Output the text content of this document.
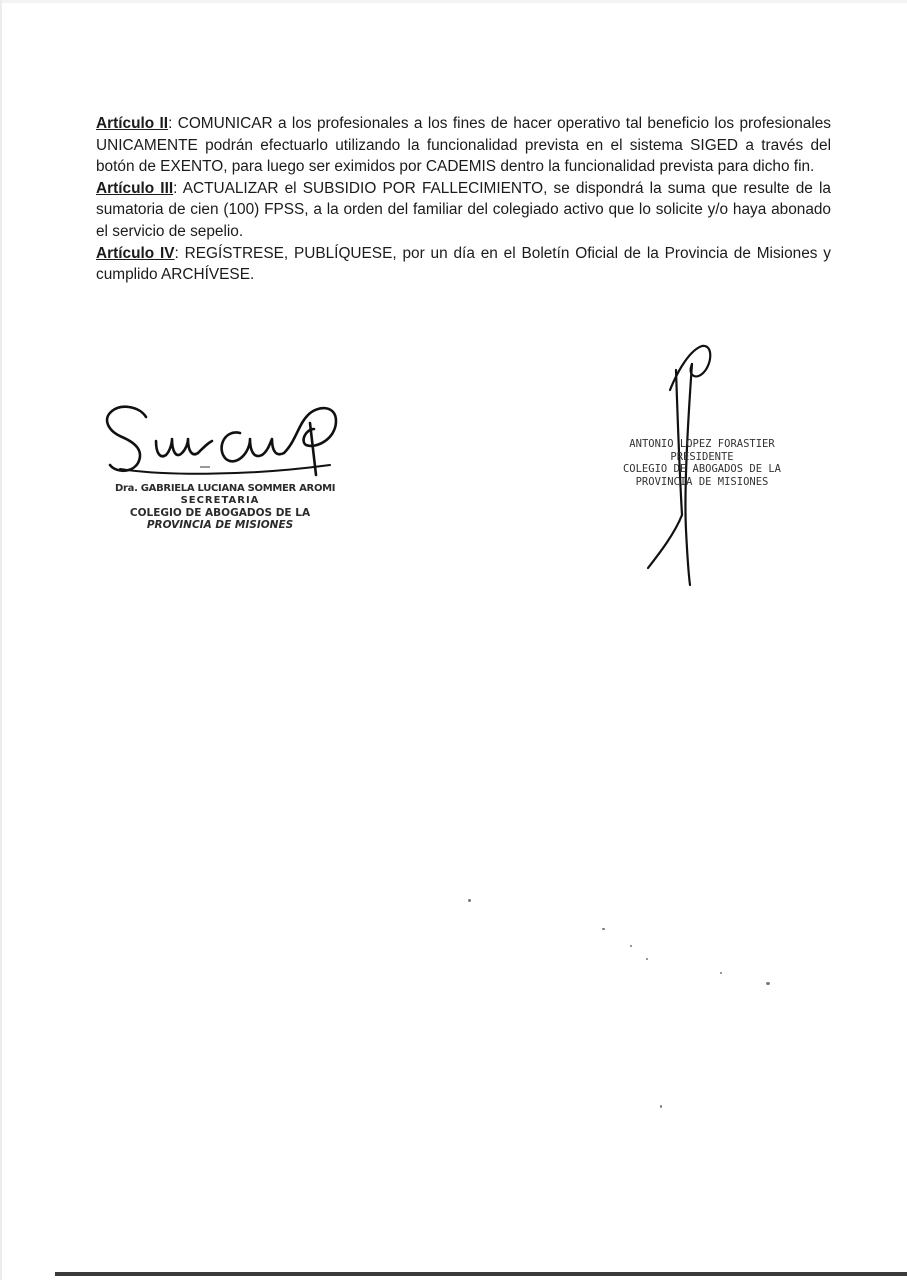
Artículo II: COMUNICAR a los profesionales a los fines de hacer operativo tal beneficio los profesionales UNICAMENTE podrán efectuarlo utilizando la funcionalidad prevista en el sistema SIGED a través del botón de EXENTO, para luego ser eximidos por CADEMIS dentro la funcionalidad prevista para dicho fin.

Artículo III: ACTUALIZAR el SUBSIDIO POR FALLECIMIENTO, se dispondrá la suma que resulte de la sumatoria de cien (100) FPSS, a la orden del familiar del colegiado activo que lo solicite y/o haya abonado el servicio de sepelio.

Artículo IV: REGÍSTRESE, PUBLÍQUESE, por un día en el Boletín Oficial de la Provincia de Misiones y cumplido ARCHÍVESE.

Dra. GABRIELA LUCIANA SOMMER AROMI
SECRETARIA
COLEGIO DE ABOGADOS DE LA
PROVINCIA DE MISIONES
ANTONIO LOPEZ FORASTIER
PRESIDENTE
COLEGIO DE ABOGADOS DE LA
PROVINCIA DE MISIONES
